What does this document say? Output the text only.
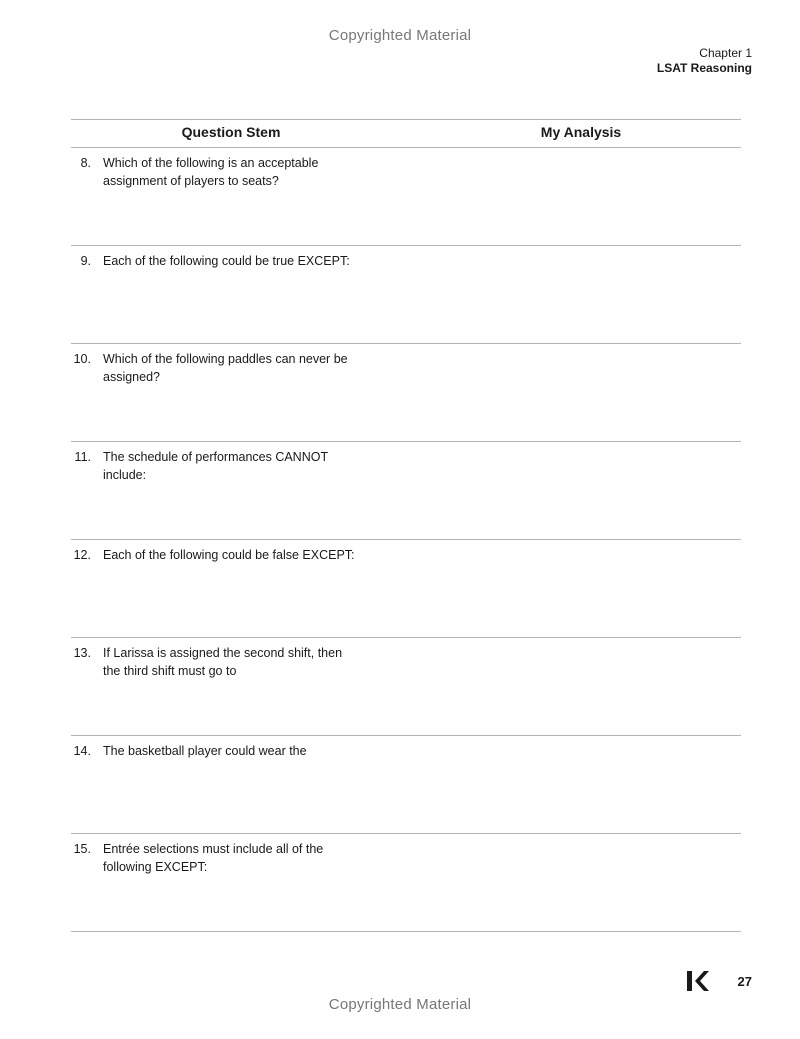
Copyrighted Material
Chapter 1
LSAT Reasoning
Question Stem	My Analysis
8. Which of the following is an acceptable assignment of players to seats?
9. Each of the following could be true EXCEPT:
10. Which of the following paddles can never be assigned?
11. The schedule of performances CANNOT include:
12. Each of the following could be false EXCEPT:
13. If Larissa is assigned the second shift, then the third shift must go to
14. The basketball player could wear the
15. Entrée selections must include all of the following EXCEPT:
27
Copyrighted Material
